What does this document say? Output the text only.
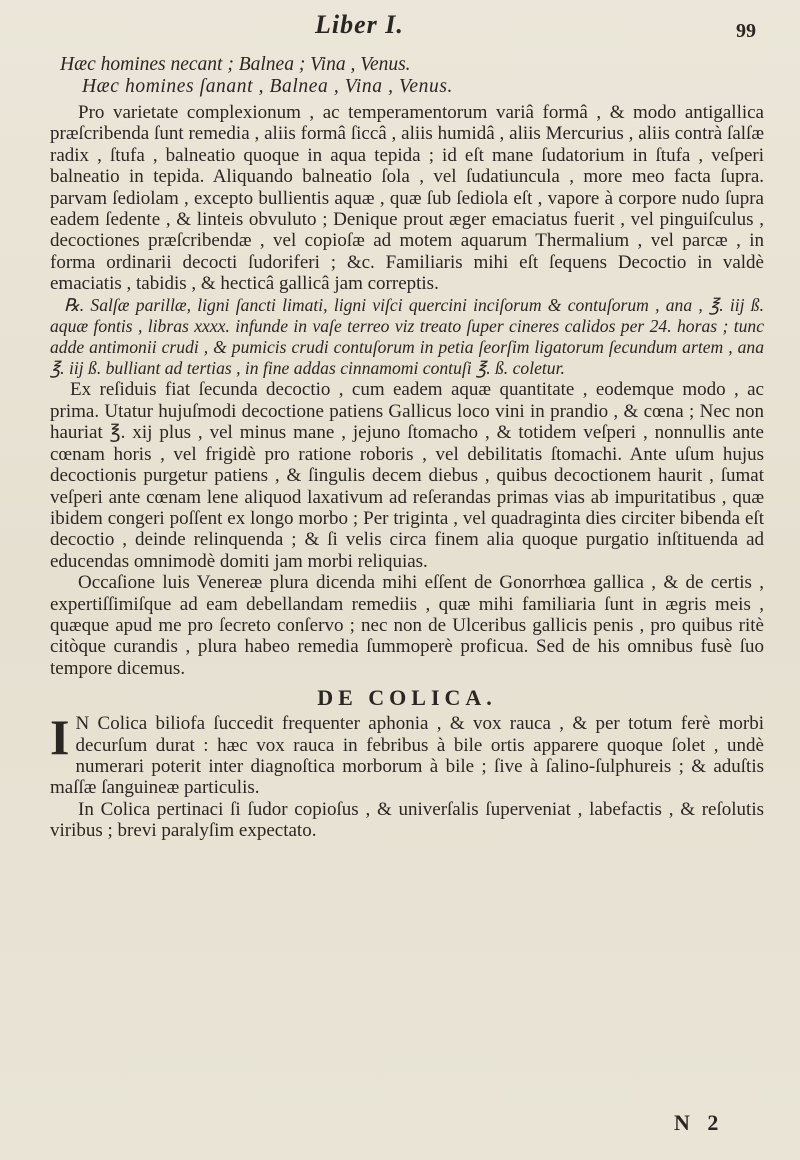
Liber I.	99
Hæc homines necant ; Balnea ; Vina , Venus.
Hæc homines ſanant , Balnea , Vina , Venus.

Pro varietate complexionum , ac temperamentorum variâ formâ , & modo antigallica præſcribenda ſunt remedia , aliis formâ ſiccâ , aliis humidâ , aliis Mercurius , aliis contrà ſalſæ radix , ſtufa , balneatio quoque in aqua tepida ; id eſt mane ſudatorium in ſtufa , veſperi balneatio in tepida. Aliquando balneatio ſola , vel ſudatiuncula , more meo facta ſupra. parvam ſediolam , excepto bullientis aquæ , quæ ſub ſediola eſt , vapore à corpore nudo ſupra eadem ſedente , & linteis obvuluto ; Denique prout æger emaciatus fuerit , vel pinguiſculus , decoctiones præſcribendæ , vel copioſæ ad motem aquarum Thermalium , vel parcæ , in forma ordinarii decocti ſudoriferi ; &c. Familiaris mihi eſt ſequens Decoctio in valdè emaciatis , tabidis , & hecticâ gallicâ jam correptis.

℞. Salſæ parillæ, ligni ſancti limati, ligni viſci quercini inciſorum & contuſorum , ana , ℥. iij ß. aquæ fontis , libras xxxx. infunde in vaſe terreo viz treato ſuper cineres calidos per 24. horas ; tunc adde antimonii crudi , & pumicis crudi contuſorum in petia ſeorſim ligatorum ſecundum artem , ana ℥. iij ß. bulliant ad tertias , in fine addas cinnamomi contuſi ℥. ß. coletur.

Ex reſiduis fiat ſecunda decoctio , cum eadem aquæ quantitate , eodemque modo , ac prima. Utatur hujuſmodi decoctione patiens Gallicus loco vini in prandio , & cœna ; Nec non hauriat ℥. xij plus , vel minus mane , jejuno ſtomacho , & totidem veſperi , nonnullis ante cœnam horis , vel frigidè pro ratione roboris , vel debilitatis ſtomachi. Ante uſum hujus decoctionis purgetur patiens , & ſingulis decem diebus , quibus decoctionem haurit , ſumat veſperi ante cœnam lene aliquod laxativum ad reſerandas primas vias ab impuritatibus , quæ ibidem congeri poſſent ex longo morbo ; Per triginta , vel quadraginta dies circiter bibenda eſt decoctio , deinde relinquenda ; & ſi velis circa finem alia quoque purgatio inſtituenda ad educendas omnimodè domiti jam morbi reliquias.

Occaſione luis Venereæ plura dicenda mihi eſſent de Gonorrhœa gallica , & de certis , expertiſſimiſque ad eam debellandam remediis , quæ mihi familiaria ſunt in ægris meis , quæque apud me pro ſecreto conſervo ; nec non de Ulceribus gallicis penis , pro quibus ritè citòque curandis , plura habeo remedia ſummoperè proficua. Sed de his omnibus fusè ſuo tempore dicemus.

DE COLICA.

I N Colica biliofa ſuccedit frequenter aphonia , & vox rauca , & per totum ferè morbi decurſum durat : hæc vox rauca in febribus à bile ortis apparere quoque ſolet , undè numerari poterit inter diagnoſtica morborum à bile ; ſive à ſalino-ſulphureis ; & aduſtis maſſæ ſanguineæ particulis.

In Colica pertinaci ſi ſudor copioſus , & univerſalis ſuperveniat , labefactis , & reſolutis viribus ; brevi paralyſim expectato.

N 2
